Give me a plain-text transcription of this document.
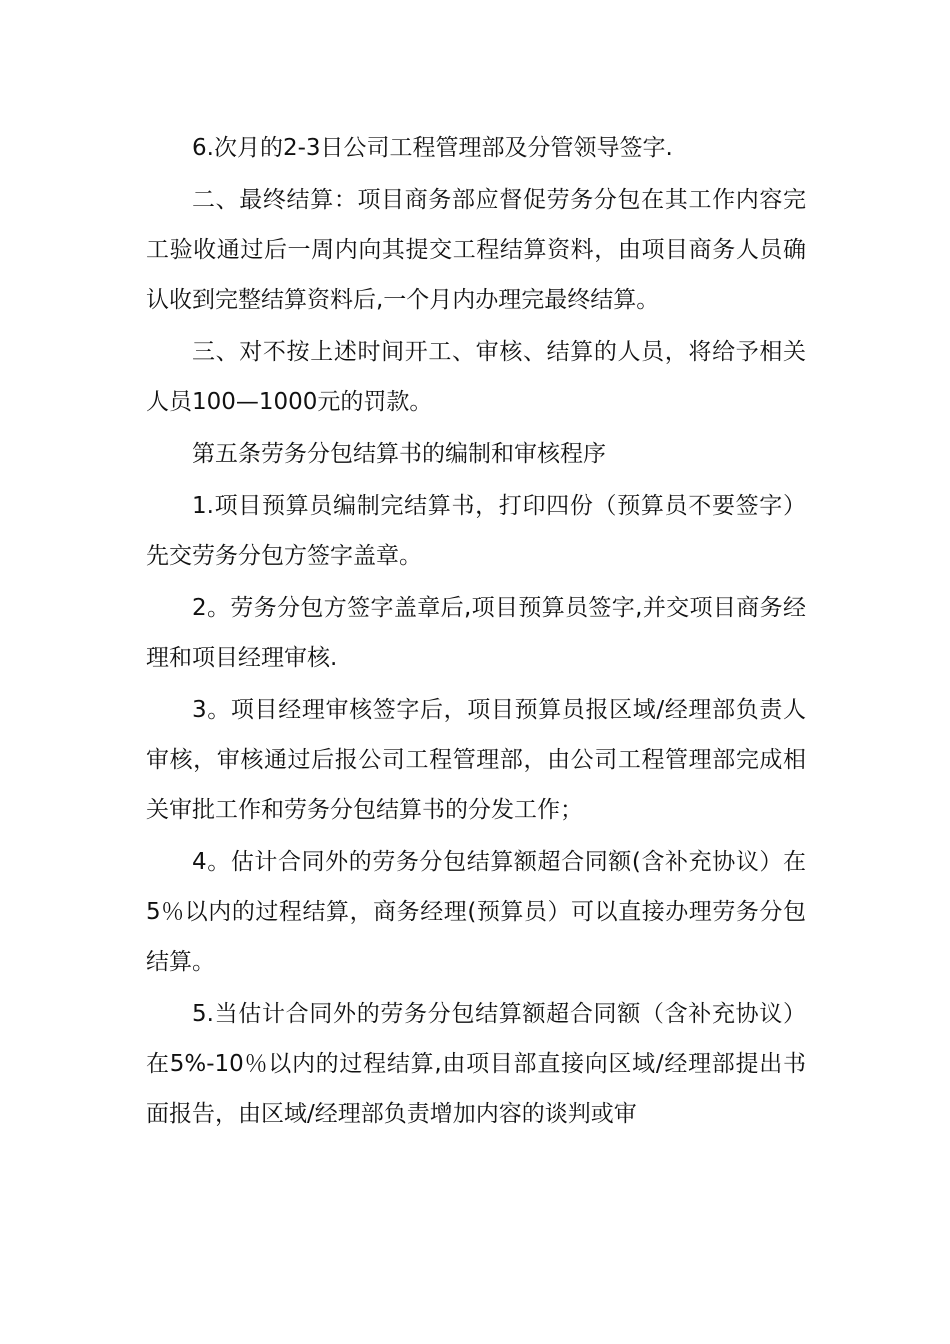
6.次月的2-3日公司工程管理部及分管领导签字.

二、最终结算：项目商务部应督促劳务分包在其工作内容完工验收通过后一周内向其提交工程结算资料，由项目商务人员确认收到完整结算资料后,一个月内办理完最终结算。

三、对不按上述时间开工、审核、结算的人员，将给予相关人员100—1000元的罚款。

第五条劳务分包结算书的编制和审核程序

1.项目预算员编制完结算书，打印四份（预算员不要签字）先交劳务分包方签字盖章。

2。劳务分包方签字盖章后,项目预算员签字,并交项目商务经理和项目经理审核.

3。项目经理审核签字后，项目预算员报区域/经理部负责人审核，审核通过后报公司工程管理部，由公司工程管理部完成相关审批工作和劳务分包结算书的分发工作；

4。估计合同外的劳务分包结算额超合同额(含补充协议）在5％以内的过程结算，商务经理(预算员）可以直接办理劳务分包结算。

5.当估计合同外的劳务分包结算额超合同额（含补充协议）在5%-10％以内的过程结算,由项目部直接向区域/经理部提出书面报告，由区域/经理部负责增加内容的谈判或审
